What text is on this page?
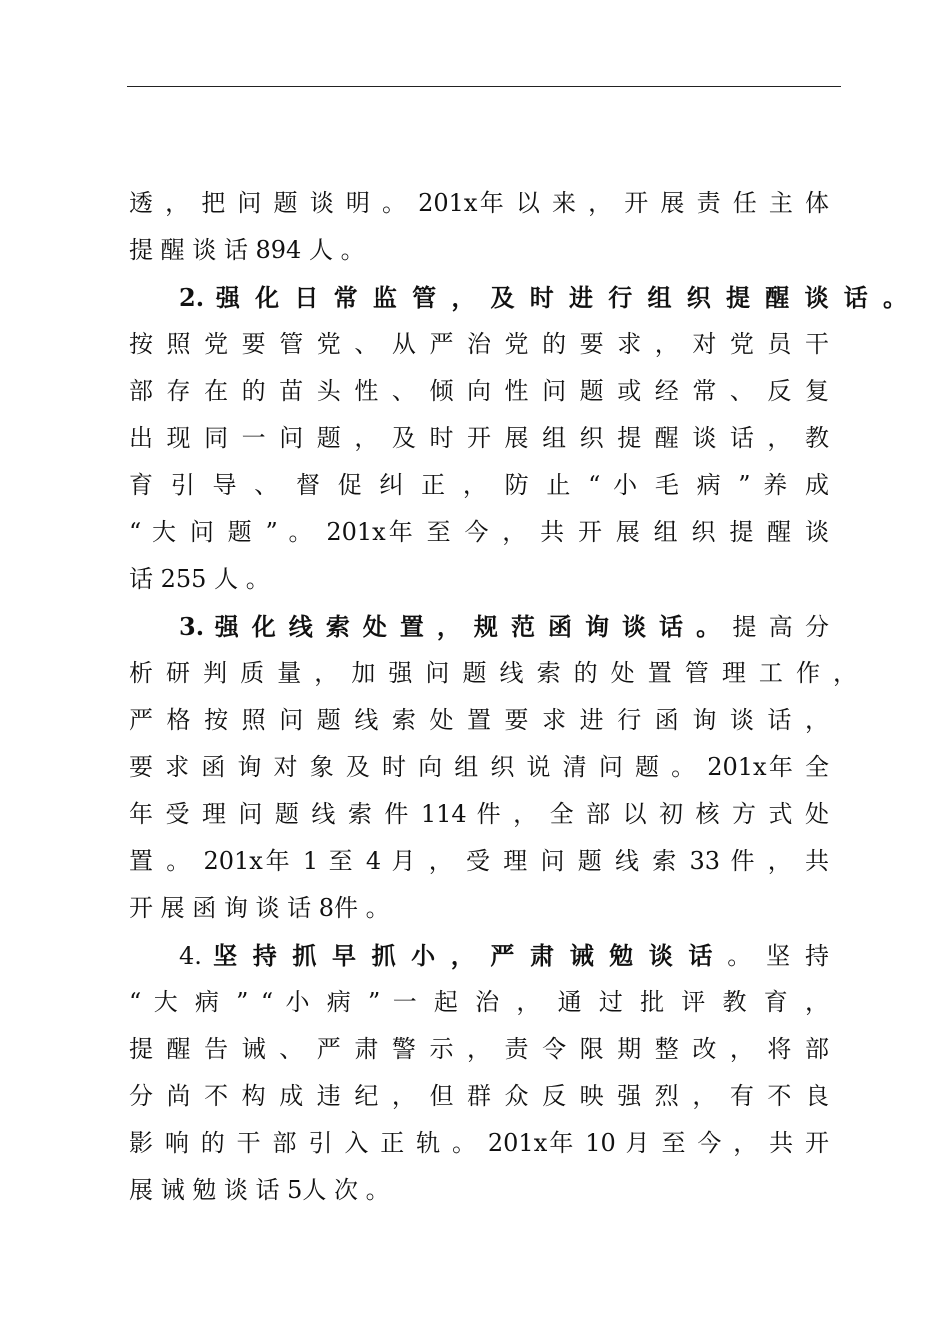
透 ， 把 问 题 谈 明 。 201x年 以 来 ， 开 展 责 任 主 体
提 醒 谈 话 894 人 。
2. 强 化 日 常 监 管 ， 及 时 进 行 组 织 提 醒 谈 话 。
按 照 党 要 管 党 、 从 严 治 党 的 要 求 ， 对 党 员 干
部 存 在 的 苗 头 性 、 倾 向 性 问 题 或 经 常 、 反 复
出 现 同 一 问 题 ， 及 时 开 展 组 织 提 醒 谈 话 ， 教
育 引 导 、 督 促 纠 正 ， 防 止 “ 小 毛 病 ” 养 成
“ 大 问 题 ” 。 201x年 至 今 ， 共 开 展 组 织 提 醒 谈
话 255 人 。
3. 强 化 线 索 处 置 ， 规 范 函 询 谈 话 。 提 高 分
析 研 判 质 量 ， 加 强 问 题 线 索 的 处 置 管 理 工 作 ，
严 格 按 照 问 题 线 索 处 置 要 求 进 行 函 询 谈 话 ，
要 求 函 询 对 象 及 时 向 组 织 说 清 问 题 。 201x年 全
年 受 理 问 题 线 索 件 114 件 ， 全 部 以 初 核 方 式 处
置 。 201x年 1 至 4 月 ， 受 理 问 题 线 索 33 件 ， 共
开 展 函 询 谈 话 8件 。
4. 坚 持 抓 早 抓 小 ， 严 肃 诫 勉 谈 话 。 坚 持
“ 大 病 ” “ 小 病 ” 一 起 治 ， 通 过 批 评 教 育 ，
提 醒 告 诫 、 严 肃 警 示 ， 责 令 限 期 整 改 ， 将 部
分 尚 不 构 成 违 纪 ， 但 群 众 反 映 强 烈 ， 有 不 良
影 响 的 干 部 引 入 正 轨 。 201x年 10 月 至 今 ， 共 开
展 诫 勉 谈 话 5人 次 。
